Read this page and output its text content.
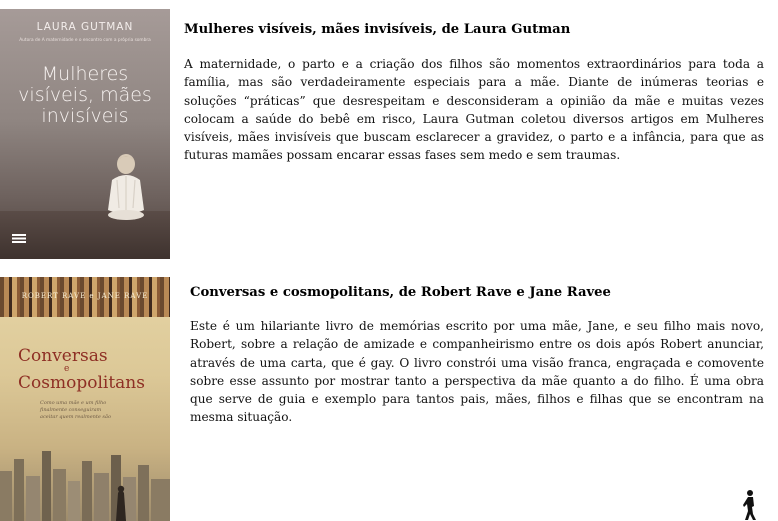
LAURA GUTMAN
Autora de A maternidade e o encontro com a própria sombra
Mulheres
visíveis, mães
invisíveis
Mulheres visíveis, mães invisíveis, de Laura Gutman

A maternidade, o parto e a criação dos filhos são momentos extraordinários para toda a família, mas são verdadeiramente especiais para a mãe. Diante de inúmeras teorias e soluções “práticas” que desrespeitam e desconsideram a opinião da mãe e muitas vezes colocam a saúde do bebê em risco, Laura Gutman coletou diversos artigos em Mulheres visíveis, mães invisíveis que buscam esclarecer a gravidez, o parto e a infância, para que as futuras mamães possam encarar essas fases sem medo e sem traumas.

ROBERT RAVE e JANE RAVE
Conversas
e
Cosmopolitans
Como uma mãe e um filho finalmente conseguiram aceitar quem realmente são
Conversas e cosmopolitans, de Robert Rave e Jane Ravee

Este é um hilariante livro de memórias escrito por uma mãe, Jane, e seu filho mais novo, Robert, sobre a relação de amizade e companheirismo entre os dois após Robert anunciar, através de uma carta, que é gay. O livro constrói uma visão franca, engraçada e comovente sobre esse assunto por mostrar tanto a perspectiva da mãe quanto a do filho. É uma obra que serve de guia e exemplo para tantos pais, mães, filhos e filhas que se encontram na mesma situação.
